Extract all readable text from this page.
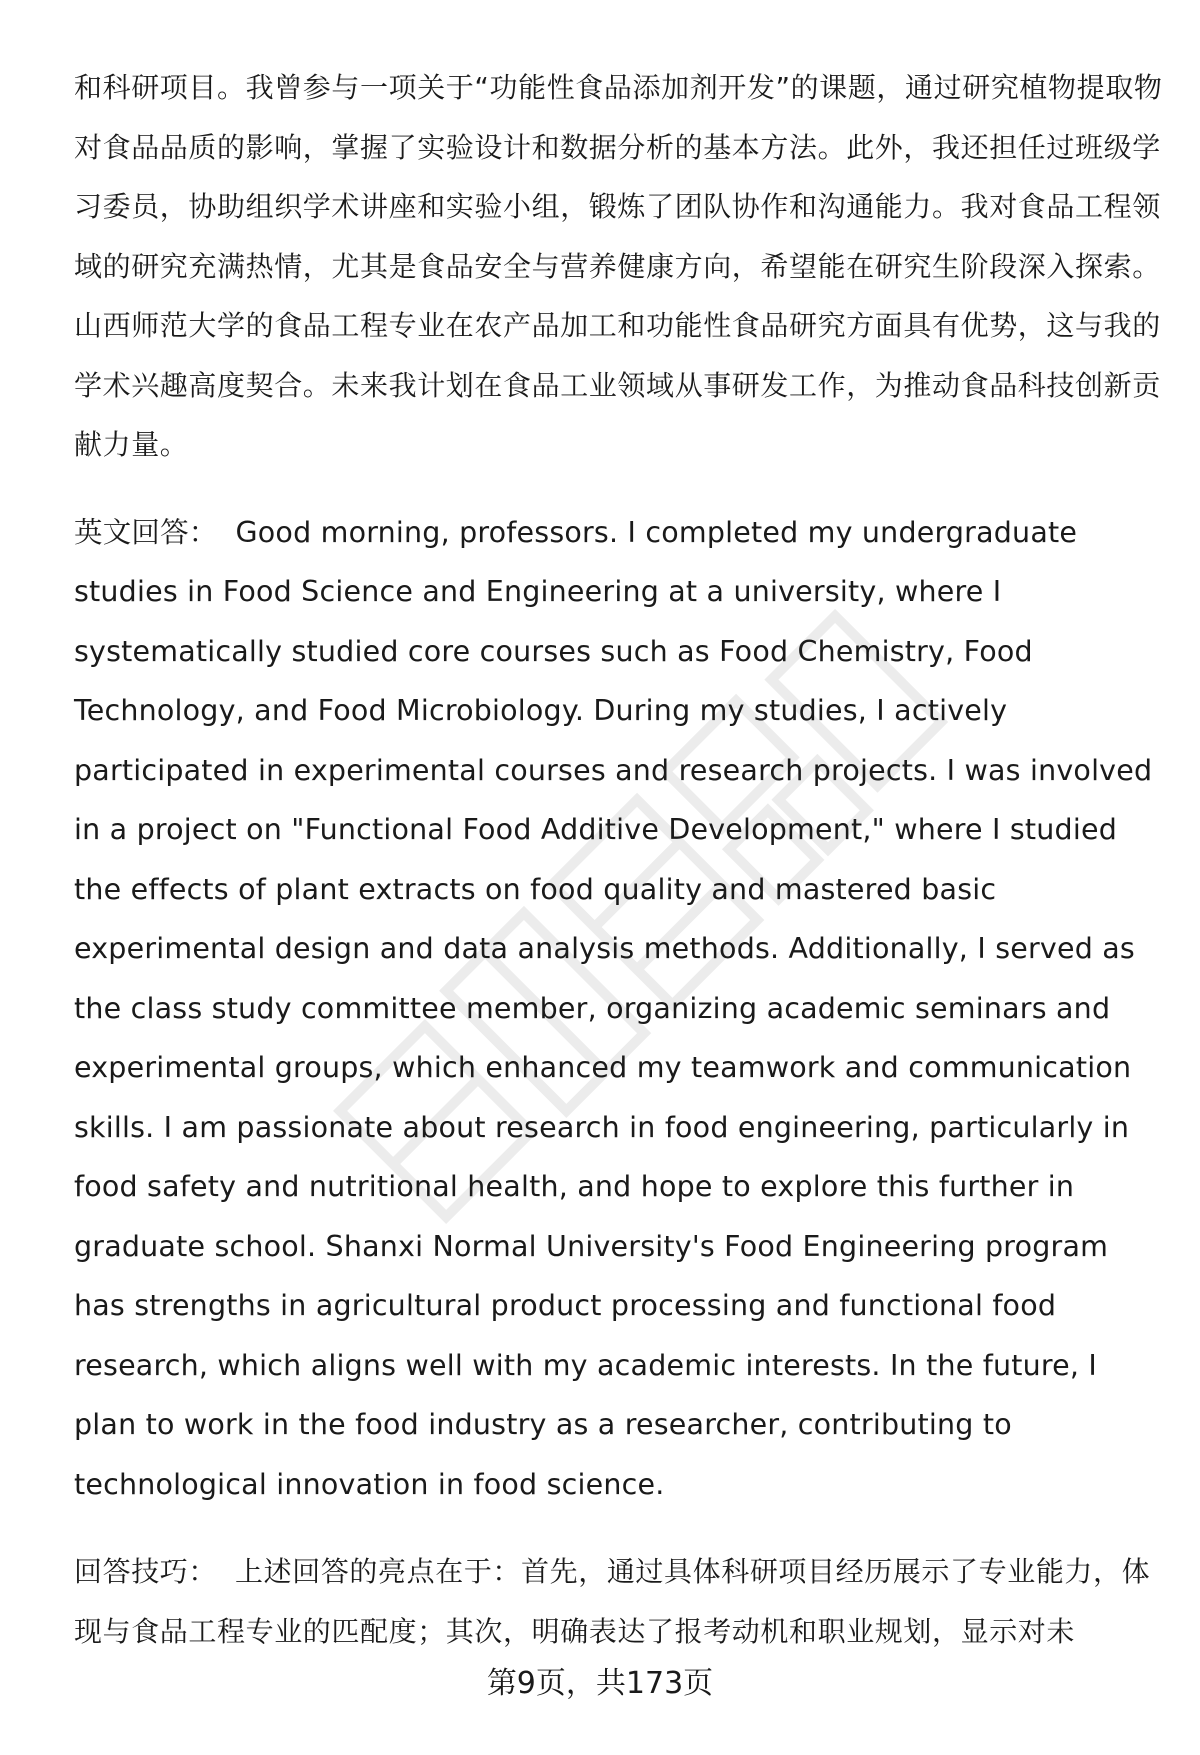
和科研项目。我曾参与一项关于“功能性食品添加剂开发”的课题，通过研究植物提取物对食品品质的影响，掌握了实验设计和数据分析的基本方法。此外，我还担任过班级学习委员，协助组织学术讲座和实验小组，锻炼了团队协作和沟通能力。我对食品工程领域的研究充满热情，尤其是食品安全与营养健康方向，希望能在研究生阶段深入探索。山西师范大学的食品工程专业在农产品加工和功能性食品研究方面具有优势，这与我的学术兴趣高度契合。未来我计划在食品工业领域从事研发工作，为推动食品科技创新贡献力量。

英文回答： Good morning, professors. I completed my undergraduate studies in Food Science and Engineering at a university, where I systematically studied core courses such as Food Chemistry, Food Technology, and Food Microbiology. During my studies, I actively participated in experimental courses and research projects. I was involved in a project on "Functional Food Additive Development," where I studied the effects of plant extracts on food quality and mastered basic experimental design and data analysis methods. Additionally, I served as the class study committee member, organizing academic seminars and experimental groups, which enhanced my teamwork and communication skills. I am passionate about research in food engineering, particularly in food safety and nutritional health, and hope to explore this further in graduate school. Shanxi Normal University's Food Engineering program has strengths in agricultural product processing and functional food research, which aligns well with my academic interests. In the future, I plan to work in the food industry as a researcher, contributing to technological innovation in food science.

回答技巧： 上述回答的亮点在于：首先，通过具体科研项目经历展示了专业能力，体现与食品工程专业的匹配度；其次，明确表达了报考动机和职业规划，显示对未

第9页，共173页
